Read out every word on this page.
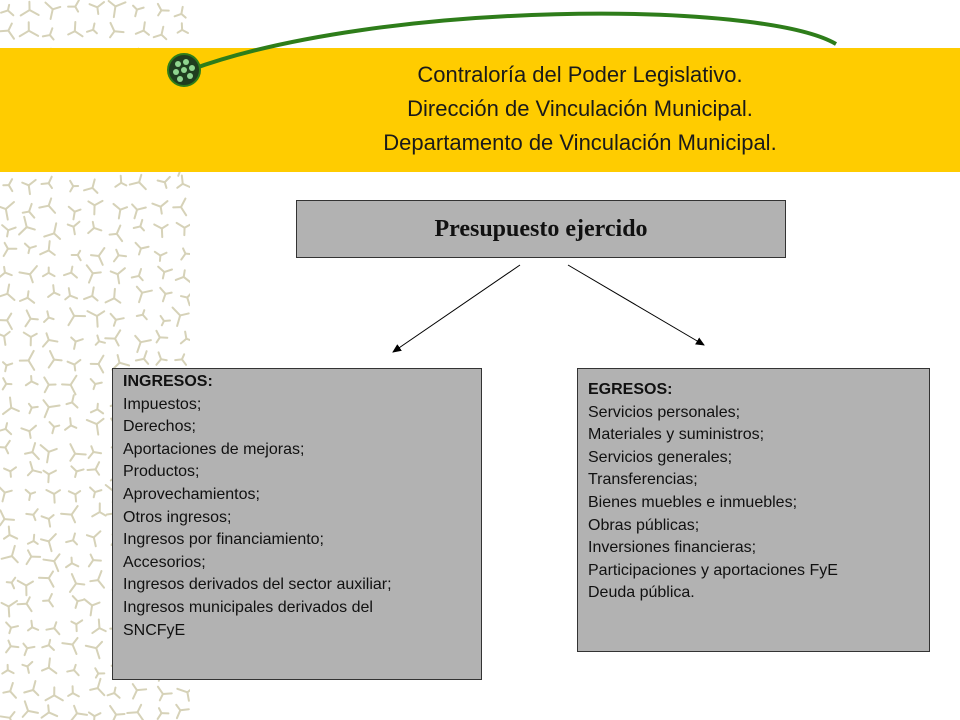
Contraloría del Poder Legislativo.
Dirección de Vinculación Municipal.
Departamento de Vinculación Municipal.
Presupuesto ejercido
INGRESOS:
Impuestos;
Derechos;
Aportaciones de mejoras;
Productos;
Aprovechamientos;
Otros ingresos;
Ingresos por financiamiento;
Accesorios;
Ingresos derivados del sector auxiliar;
Ingresos municipales derivados del
SNCFyE
EGRESOS:
Servicios personales;
Materiales y suministros;
Servicios generales;
Transferencias;
Bienes muebles e inmuebles;
Obras públicas;
Inversiones financieras;
Participaciones y aportaciones FyE
Deuda pública.
